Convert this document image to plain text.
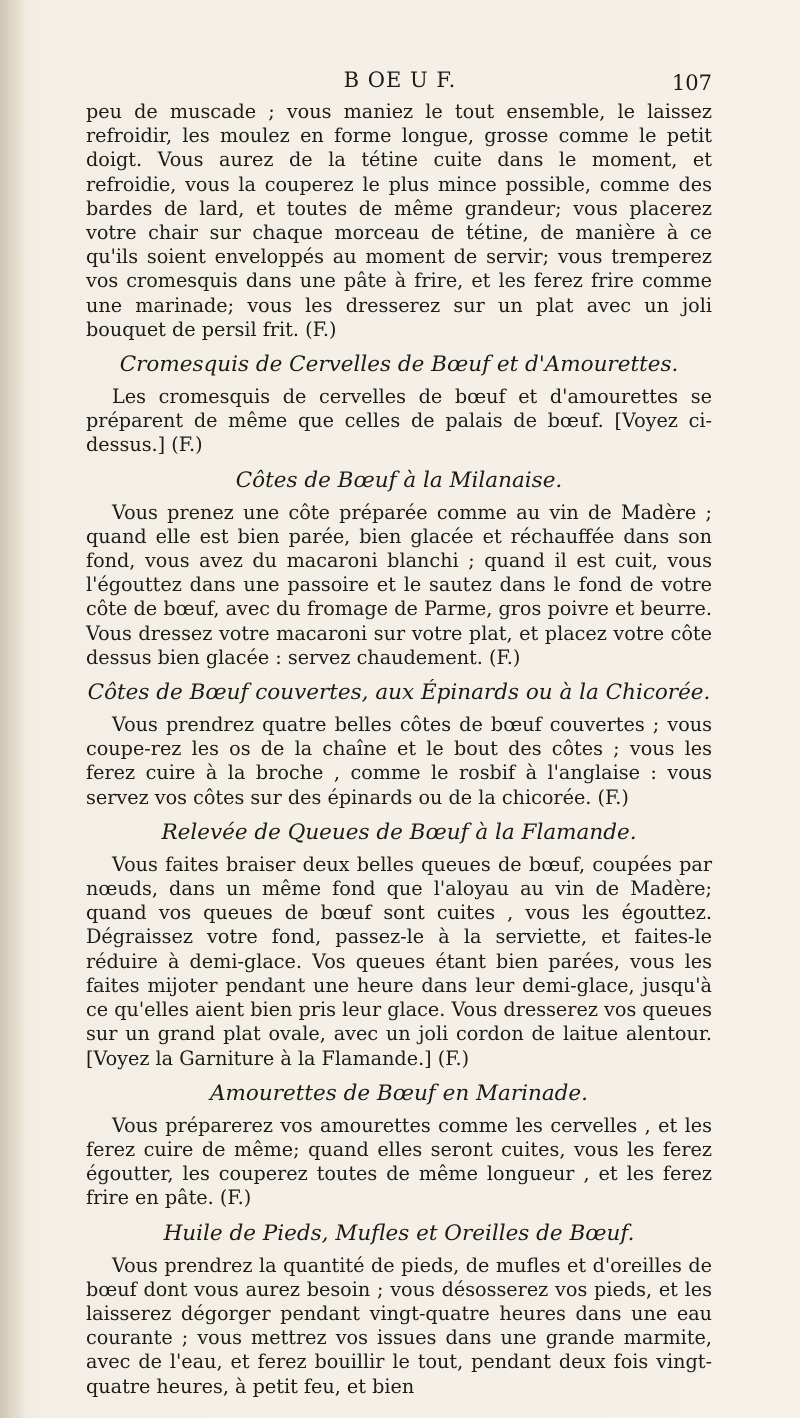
B OE U F.	107

peu de muscade ; vous maniez le tout ensemble, le laissez refroidir, les moulez en forme longue, grosse comme le petit doigt. Vous aurez de la tétine cuite dans le moment, et refroidie, vous la couperez le plus mince possible, comme des bardes de lard, et toutes de même grandeur; vous placerez votre chair sur chaque morceau de tétine, de manière à ce qu'ils soient enveloppés au moment de servir; vous tremperez vos cromesquis dans une pâte à frire, et les ferez frire comme une marinade; vous les dresserez sur un plat avec un joli bouquet de persil frit. (F.)

Cromesquis de Cervelles de Bœuf et d'Amourettes.

Les cromesquis de cervelles de bœuf et d'amourettes se préparent de même que celles de palais de bœuf. [Voyez ci-dessus.] (F.)

Côtes de Bœuf à la Milanaise.

Vous prenez une côte préparée comme au vin de Madère ; quand elle est bien parée, bien glacée et réchauffée dans son fond, vous avez du macaroni blanchi ; quand il est cuit, vous l'égouttez dans une passoire et le sautez dans le fond de votre côte de bœuf, avec du fromage de Parme, gros poivre et beurre. Vous dressez votre macaroni sur votre plat, et placez votre côte dessus bien glacée : servez chaudement. (F.)

Côtes de Bœuf couvertes, aux Épinards ou à la Chicorée.

Vous prendrez quatre belles côtes de bœuf couvertes ; vous coupe-rez les os de la chaîne et le bout des côtes ; vous les ferez cuire à la broche , comme le rosbif à l'anglaise : vous servez vos côtes sur des épinards ou de la chicorée. (F.)

Relevée de Queues de Bœuf à la Flamande.

Vous faites braiser deux belles queues de bœuf, coupées par nœuds, dans un même fond que l'aloyau au vin de Madère; quand vos queues de bœuf sont cuites , vous les égouttez. Dégraissez votre fond, passez-le à la serviette, et faites-le réduire à demi-glace. Vos queues étant bien parées, vous les faites mijoter pendant une heure dans leur demi-glace, jusqu'à ce qu'elles aient bien pris leur glace. Vous dresserez vos queues sur un grand plat ovale, avec un joli cordon de laitue alentour. [Voyez la Garniture à la Flamande.] (F.)

Amourettes de Bœuf en Marinade.

Vous préparerez vos amourettes comme les cervelles , et les ferez cuire de même; quand elles seront cuites, vous les ferez égoutter, les couperez toutes de même longueur , et les ferez frire en pâte. (F.)

Huile de Pieds, Mufles et Oreilles de Bœuf.

Vous prendrez la quantité de pieds, de mufles et d'oreilles de bœuf dont vous aurez besoin ; vous désosserez vos pieds, et les laisserez dégorger pendant vingt-quatre heures dans une eau courante ; vous mettrez vos issues dans une grande marmite, avec de l'eau, et ferez bouillir le tout, pendant deux fois vingt-quatre heures, à petit feu, et bien
